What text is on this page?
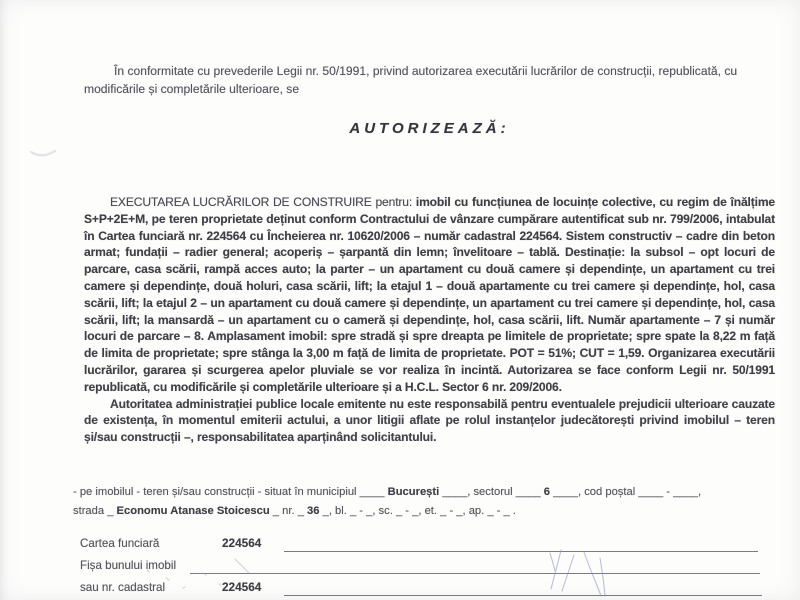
În conformitate cu prevederile Legii nr. 50/1991, privind autorizarea executării lucrărilor de construcții, republicată, cu modificările și completările ulterioare, se

AUTORIZEAZĂ:

EXECUTAREA LUCRĂRILOR DE CONSTRUIRE pentru: imobil cu funcțiunea de locuințe colective, cu regim de înălțime S+P+2E+M, pe teren proprietate deținut conform Contractului de vânzare cumpărare autentificat sub nr. 799/2006, intabulat în Cartea funciară nr. 224564 cu Încheierea nr. 10620/2006 – număr cadastral 224564. Sistem constructiv – cadre din beton armat; fundații – radier general; acoperiș – șarpantă din lemn; învelitoare – tablă. Destinație: la subsol – opt locuri de parcare, casa scării, rampă acces auto; la parter – un apartament cu două camere și dependințe, un apartament cu trei camere și dependințe, două holuri, casa scării, lift; la etajul 1 – două apartamente cu trei camere și dependințe, hol, casa scării, lift; la etajul 2 – un apartament cu două camere și dependințe, un apartament cu trei camere și dependințe, hol, casa scării, lift; la mansardă – un apartament cu o cameră și dependințe, hol, casa scării, lift. Număr apartamente – 7 și număr locuri de parcare – 8. Amplasament imobil: spre stradă și spre dreapta pe limitele de proprietate; spre spate la 8,22 m față de limita de proprietate; spre stânga la 3,00 m față de limita de proprietate. POT = 51%; CUT = 1,59. Organizarea executării lucrărilor, gararea și scurgerea apelor pluviale se vor realiza în incintă. Autorizarea se face conform Legii nr. 50/1991 republicată, cu modificările și completările ulterioare și a H.C.L. Sector 6 nr. 209/2006.

Autoritatea administrației publice locale emitente nu este responsabilă pentru eventualele prejudicii ulterioare cauzate de existența, în momentul emiterii actului, a unor litigii aflate pe rolul instanțelor judecătorești privind imobilul – teren și/sau construcții –, responsabilitatea aparținând solicitantului.

- pe imobilul - teren și/sau construcții - situat în municipiul ____ București ____, sectorul ____ 6 ____, cod poștal ____ - ____,
strada _ Economu Atanase Stoicescu _ nr. _ 36 _, bl. _ - _, sc. _ - _, et. _ - _, ap. _ - _ .
Cartea funciară	224564
Fișa bunului imobil
sau nr. cadastral	224564
